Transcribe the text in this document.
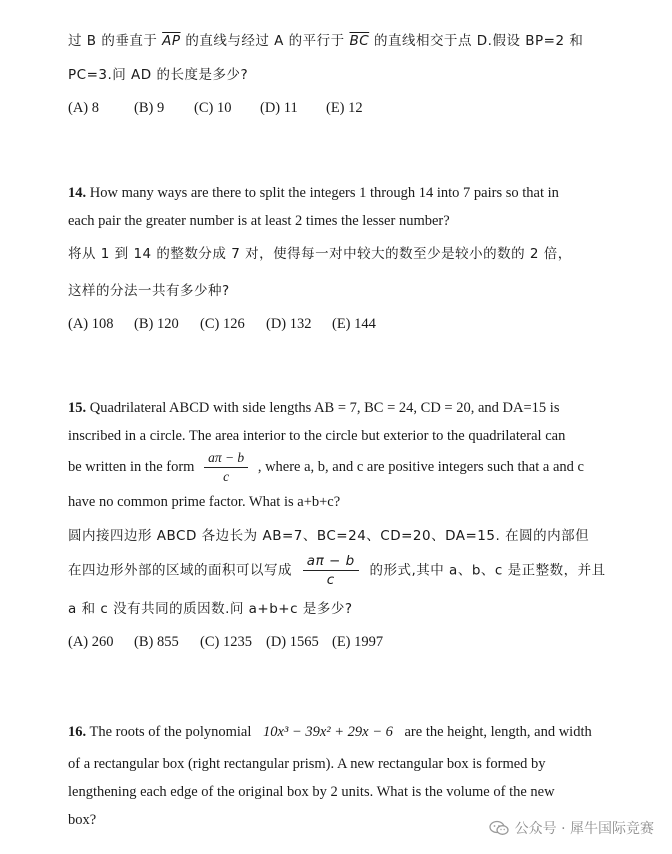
过 B 的垂直于 $\overline{AP}$ 的直线与经过 A 的平行于 $\overline{BC}$ 的直线相交于点 D.假设 BP=2 和
PC=3.问 AD 的长度是多少?
(A) 8 (B) 9 (C) 10 (D) 11 (E) 12
14. How many ways are there to split the integers 1 through 14 into 7 pairs so that in
each pair the greater number is at least 2 times the lesser number?
将从 1 到 14 的整数分成 7 对，使得每一对中较大的数至少是较小的数的 2 倍，
这样的分法一共有多少种?
(A) 108 (B) 120 (C) 126 (D) 132 (E) 144
15. Quadrilateral ABCD with side lengths AB = 7, BC = 24, CD = 20, and DA=15 is
inscribed in a circle. The area interior to the circle but exterior to the quadrilateral can
be written in the form $\frac{a\pi - b}{c}$ , where a, b, and c are positive integers such that a and c
have no common prime factor. What is a+b+c?
圆内接四边形 ABCD 各边长为 AB=7、BC=24、CD=20、DA=15. 在圆的内部但
在四边形外部的区域的面积可以写成 $\frac{a\pi - b}{c}$ 的形式,其中 a、b、c 是正整数，并且
a 和 c 没有共同的质因数.问 a+b+c 是多少?
(A) 260 (B) 855 (C) 1235 (D) 1565 (E) 1997
16. The roots of the polynomial 10x³ − 39x² + 29x − 6 are the height, length, and width
of a rectangular box (right rectangular prism). A new rectangular box is formed by
lengthening each edge of the original box by 2 units. What is the volume of the new
box?
公众号 · 犀牛国际竞赛
